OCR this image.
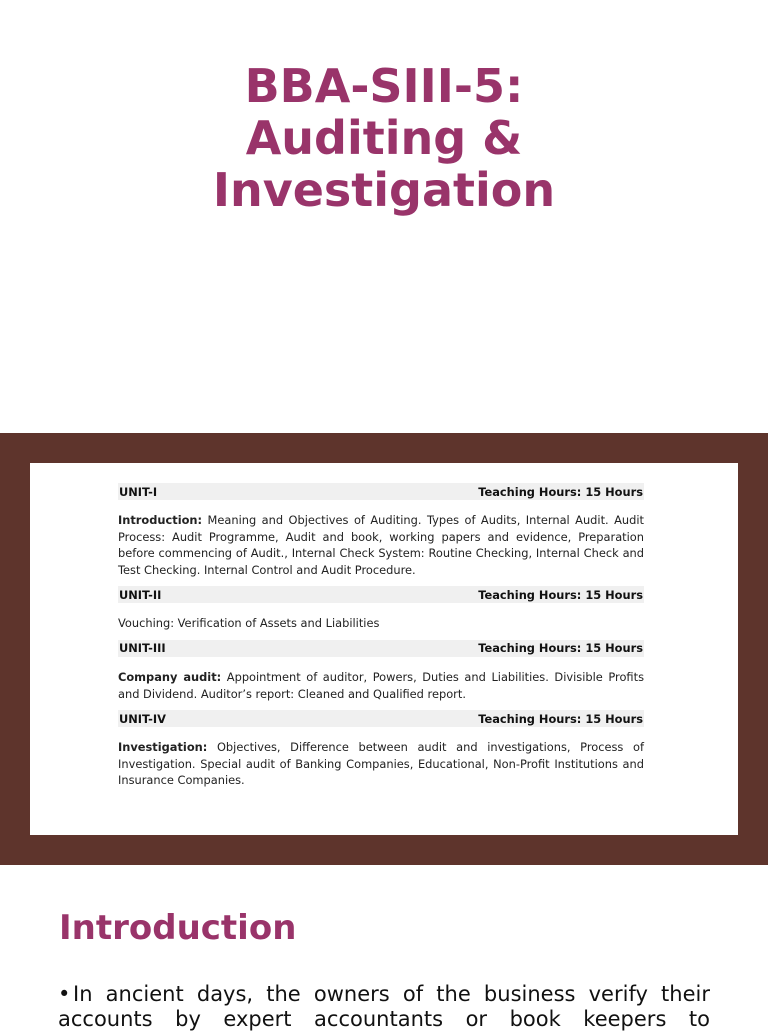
BBA-SIII-5:
Auditing &
Investigation
UNIT-I	Teaching Hours: 15 Hours
Introduction: Meaning and Objectives of Auditing. Types of Audits, Internal Audit. Audit Process: Audit Programme, Audit and book, working papers and evidence, Preparation before commencing of Audit., Internal Check System: Routine Checking, Internal Check and Test Checking. Internal Control and Audit Procedure.
UNIT-II	Teaching Hours: 15 Hours
Vouching: Verification of Assets and Liabilities
UNIT-III	Teaching Hours: 15 Hours
Company audit: Appointment of auditor, Powers, Duties and Liabilities. Divisible Profits and Dividend. Auditor’s report: Cleaned and Qualified report.
UNIT-IV	Teaching Hours: 15 Hours
Investigation: Objectives, Difference between audit and investigations, Process of Investigation. Special audit of Banking Companies, Educational, Non-Profit Institutions and Insurance Companies.
Introduction
• In ancient days, the owners of the business verify their accounts by expert accountants or book keepers to
